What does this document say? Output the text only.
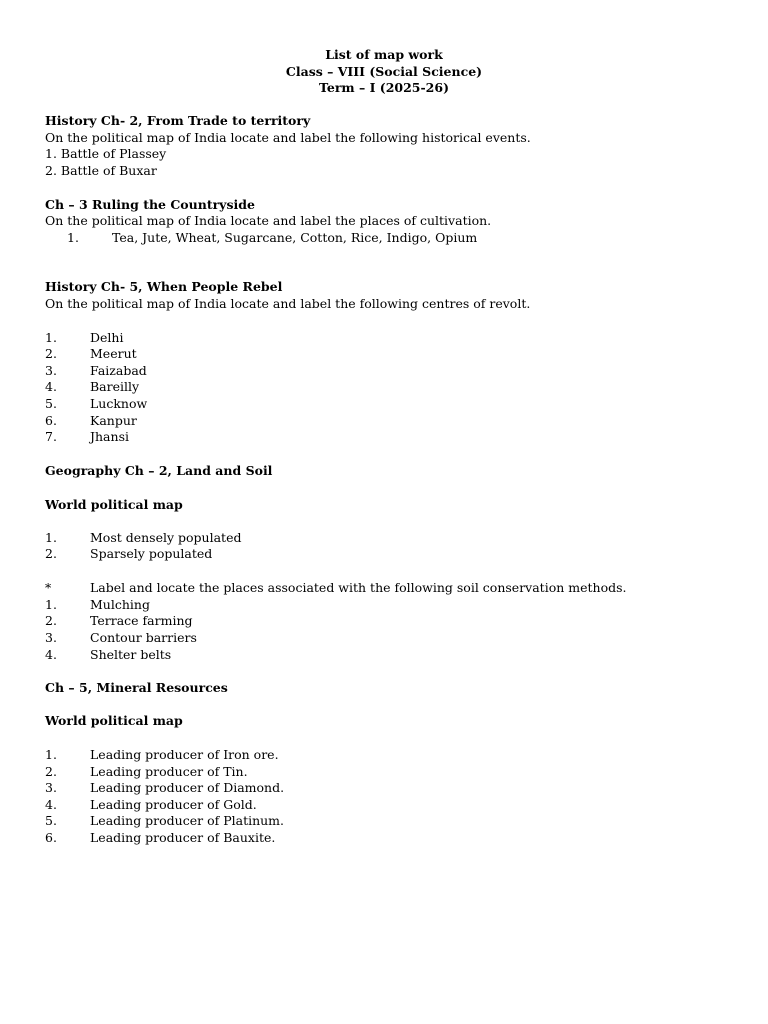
List of map work
Class – VIII (Social Science)
Term – I (2025-26)
History Ch- 2, From Trade to territory
On the political map of India locate and label the following historical events.
1. Battle of Plassey
2. Battle of Buxar
Ch – 3 Ruling the Countryside
On the political map of India locate and label the places of cultivation.
1.	Tea, Jute, Wheat, Sugarcane, Cotton, Rice, Indigo, Opium
History Ch- 5, When People Rebel
On the political map of India locate and label the following centres of revolt.
1.	Delhi
2.	Meerut
3.	Faizabad
4.	Bareilly
5.	Lucknow
6.	Kanpur
7.	Jhansi
Geography Ch – 2, Land and Soil
World political map
1.	Most densely populated
2.	Sparsely populated
*	Label and locate the places associated with the following soil conservation methods.
1.	Mulching
2.	Terrace farming
3.	Contour barriers
4.	Shelter belts
Ch – 5, Mineral Resources
World political map
1.	Leading producer of Iron ore.
2.	Leading producer of Tin.
3.	Leading producer of Diamond.
4.	Leading producer of Gold.
5.	Leading producer of Platinum.
6.	Leading producer of Bauxite.
